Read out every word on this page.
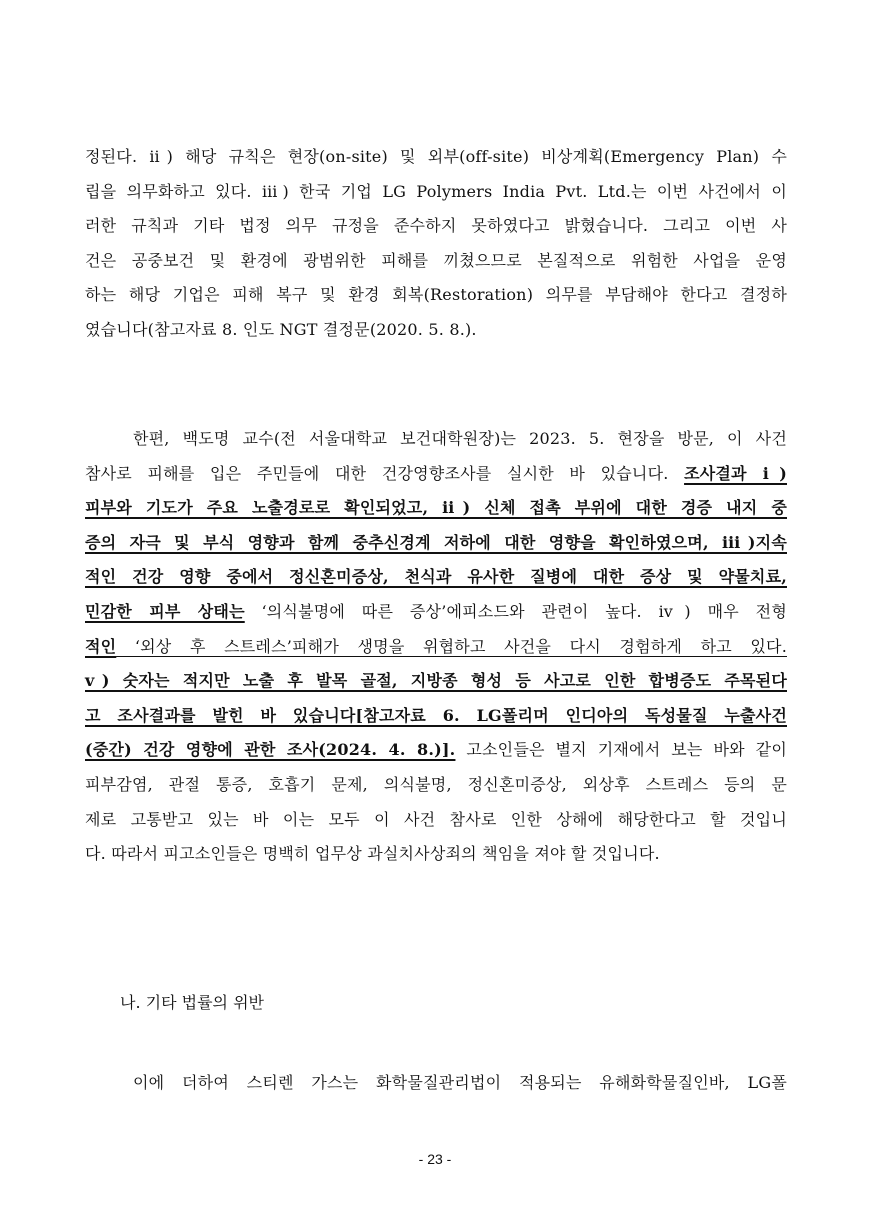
정된다. ⅱ) 해당 규칙은 현장(on-site) 및 외부(off-site) 비상계획(Emergency Plan) 수
립을 의무화하고 있다. ⅲ) 한국 기업 LG Polymers India Pvt. Ltd.는 이번 사건에서 이
러한 규칙과 기타 법정 의무 규정을 준수하지 못하였다고 밝혔습니다. 그리고 이번 사
건은 공중보건 및 환경에 광범위한 피해를 끼쳤으므로 본질적으로 위험한 사업을 운영
하는 해당 기업은 피해 복구 및 환경 회복(Restoration) 의무를 부담해야 한다고 결정하
였습니다(참고자료 8. 인도 NGT 결정문(2020. 5. 8.).
한편, 백도명 교수(전 서울대학교 보건대학원장)는 2023. 5. 현장을 방문, 이 사건
참사로 피해를 입은 주민들에 대한 건강영향조사를 실시한 바 있습니다. 조사결과 ⅰ)
피부와 기도가 주요 노출경로로 확인되었고, ⅱ) 신체 접촉 부위에 대한 경증 내지 중
증의 자극 및 부식 영향과 함께 중추신경계 저하에 대한 영향을 확인하였으며, ⅲ)지속
적인 건강 영향 중에서 정신혼미증상, 천식과 유사한 질병에 대한 증상 및 약물치료,
민감한 피부 상태는 ‘의식불명에 따른 증상’에피소드와 관련이 높다. ⅳ) 매우 전형
적인 ‘외상 후 스트레스’피해가 생명을 위협하고 사건을 다시 경험하게 하고 있다.
ⅴ) 숫자는 적지만 노출 후 발목 골절, 지방종 형성 등 사고로 인한 합병증도 주목된다
고 조사결과를 발힌 바 있습니다[참고자료 6. LG폴리머 인디아의 독성물질 누출사건
(중간) 건강 영향에 관한 조사(2024. 4. 8.)]. 고소인들은 별지 기재에서 보는 바와 같이
피부감염, 관절 통증, 호흡기 문제, 의식불명, 정신혼미증상, 외상후 스트레스 등의 문
제로 고통받고 있는 바 이는 모두 이 사건 참사로 인한 상해에 해당한다고 할 것입니
다. 따라서 피고소인들은 명백히 업무상 과실치사상죄의 책임을 져야 할 것입니다.

나. 기타 법률의 위반

이에 더하여 스티렌 가스는 화학물질관리법이 적용되는 유해화학물질인바, LG폴

- 23 -
